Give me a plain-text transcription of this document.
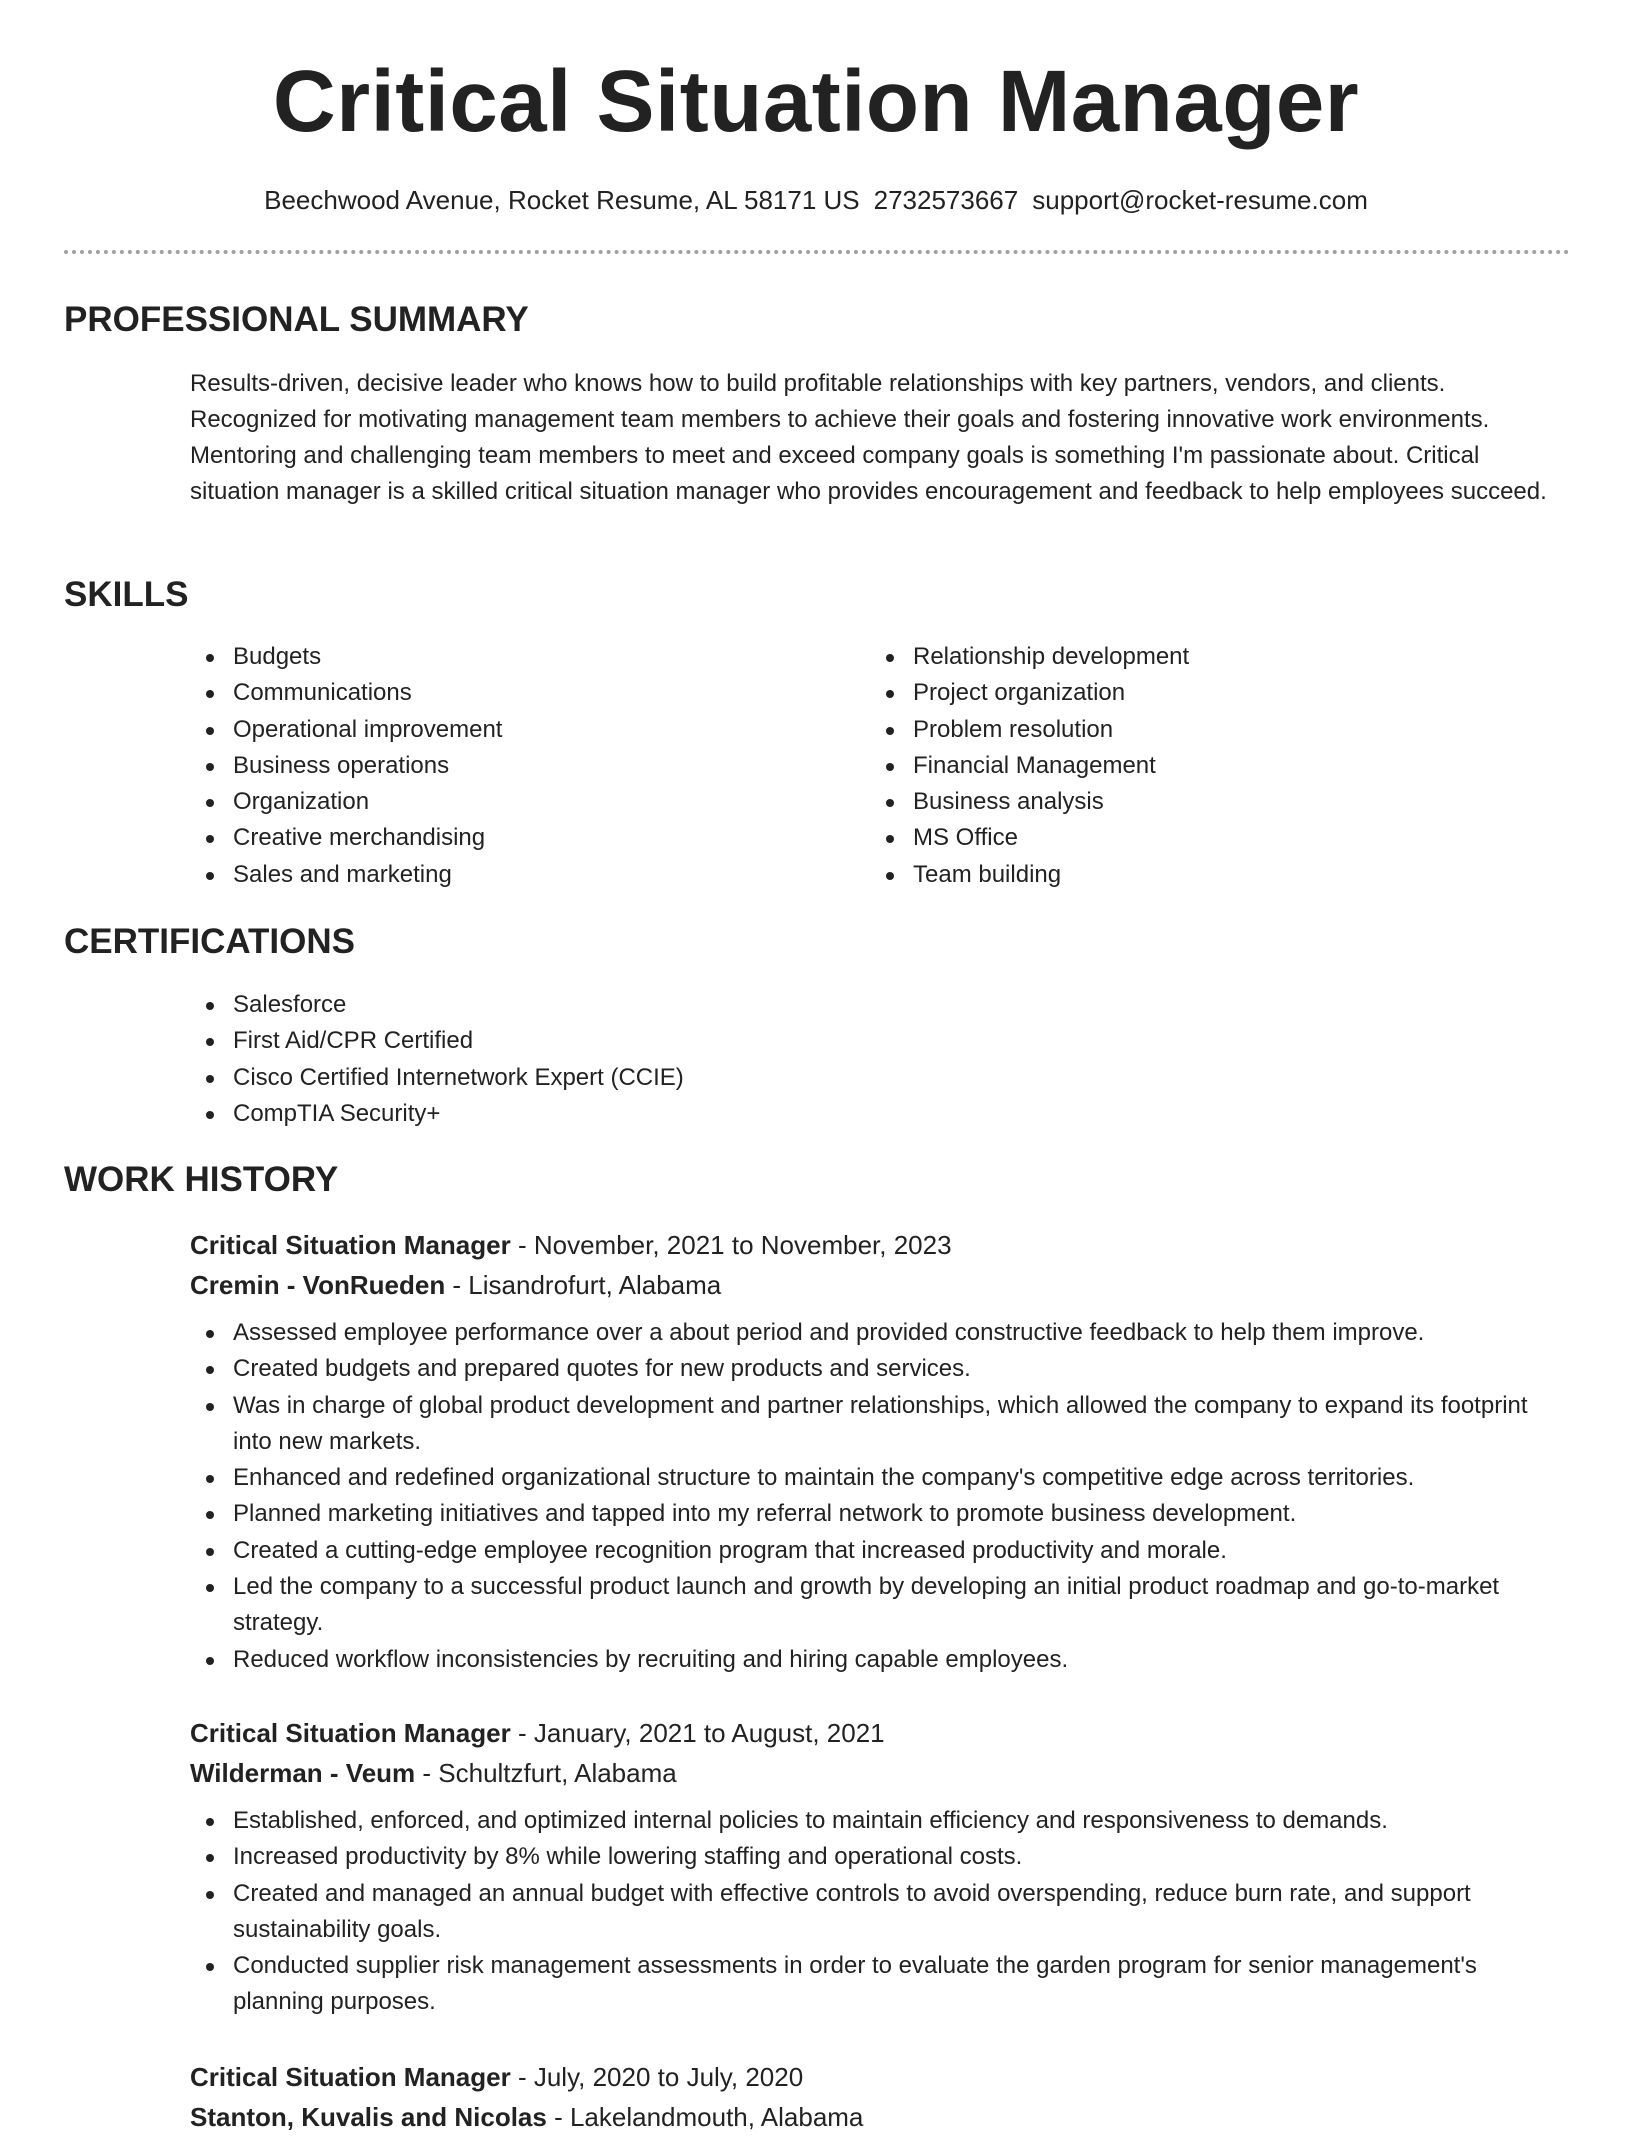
Critical Situation Manager
Beechwood Avenue, Rocket Resume, AL 58171 US 2732573667 support@rocket-resume.com
PROFESSIONAL SUMMARY
Results-driven, decisive leader who knows how to build profitable relationships with key partners, vendors, and clients. Recognized for motivating management team members to achieve their goals and fostering innovative work environments. Mentoring and challenging team members to meet and exceed company goals is something I'm passionate about. Critical situation manager is a skilled critical situation manager who provides encouragement and feedback to help employees succeed.
SKILLS
Budgets
Communications
Operational improvement
Business operations
Organization
Creative merchandising
Sales and marketing
Relationship development
Project organization
Problem resolution
Financial Management
Business analysis
MS Office
Team building
CERTIFICATIONS
Salesforce
First Aid/CPR Certified
Cisco Certified Internetwork Expert (CCIE)
CompTIA Security+
WORK HISTORY
Critical Situation Manager - November, 2021 to November, 2023
Cremin - VonRueden - Lisandrofurt, Alabama
Assessed employee performance over a about period and provided constructive feedback to help them improve.
Created budgets and prepared quotes for new products and services.
Was in charge of global product development and partner relationships, which allowed the company to expand its footprint into new markets.
Enhanced and redefined organizational structure to maintain the company's competitive edge across territories.
Planned marketing initiatives and tapped into my referral network to promote business development.
Created a cutting-edge employee recognition program that increased productivity and morale.
Led the company to a successful product launch and growth by developing an initial product roadmap and go-to-market strategy.
Reduced workflow inconsistencies by recruiting and hiring capable employees.
Critical Situation Manager - January, 2021 to August, 2021
Wilderman - Veum - Schultzfurt, Alabama
Established, enforced, and optimized internal policies to maintain efficiency and responsiveness to demands.
Increased productivity by 8% while lowering staffing and operational costs.
Created and managed an annual budget with effective controls to avoid overspending, reduce burn rate, and support sustainability goals.
Conducted supplier risk management assessments in order to evaluate the garden program for senior management's planning purposes.
Critical Situation Manager - July, 2020 to July, 2020
Stanton, Kuvalis and Nicolas - Lakelandmouth, Alabama
